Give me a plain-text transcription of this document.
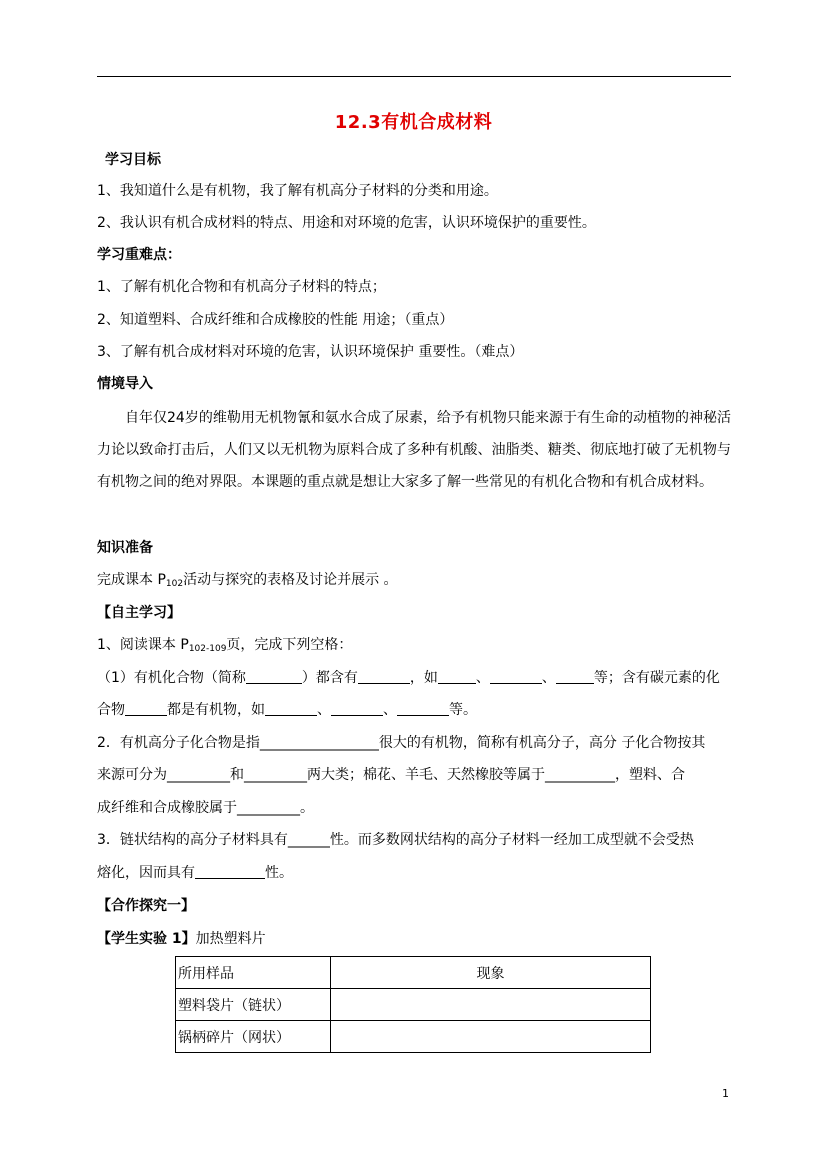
12.3有机合成材料
学习目标
1、我知道什么是有机物，我了解有机高分子材料的分类和用途。
2、我认识有机合成材料的特点、用途和对环境的危害，认识环境保护的重要性。
学习重难点：
1、了解有机化合物和有机高分子材料的特点；
2、知道塑料、合成纤维和合成橡胶的性能 用途；（重点）
3、了解有机合成材料对环境的危害，认识环境保护 重要性。（难点）
情境导入
自年仅24岁的维勒用无机物氰和氨水合成了尿素，给予有机物只能来源于有生命的动植物的神秘活力论以致命打击后，人们又以无机物为原料合成了多种有机酸、油脂类、糖类、彻底地打破了无机物与有机物之间的绝对界限。本课题的重点就是想让大家多了解一些常见的有机化合物和有机合成材料。
知识准备
完成课本 $P_{102}$活动与探究的表格及讨论并展示 。
【自主学习】
1、阅读课本 $P_{102-109}$页，完成下列空格：
（1）有机化合物（简称	）都含有	，如	、	、	等；含有碳元素的化
合物	都是有机物，如	、	、	等。
2．有机高分子化合物是指_________________很大的有机物，简称有机高分子，高分 子化合物按其
来源可分为_________和_________两大类；棉花、羊毛、天然橡胶等属于__________，塑料、合
成纤维和合成橡胶属于_________。
3．链状结构的高分子材料具有______性。而多数网状结构的高分子材料一经加工成型就不会受热
熔化，因而具有	性。
【合作探究一】
【学生实验 1】加热塑料片
所用样品	现象
塑料袋片（链状）	
锅柄碎片（网状）	
1
